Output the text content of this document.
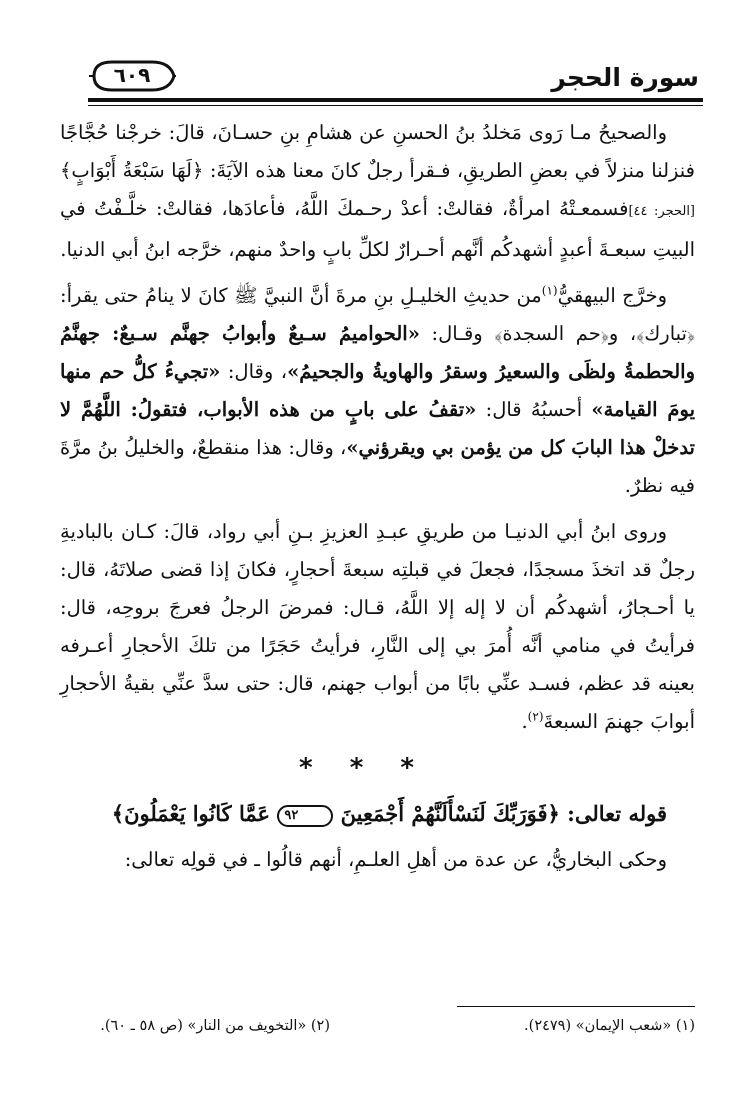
سورة الحجر
٦٠٩

والصحيحُ مـا رَوى مَخلدُ بنُ الحسنِ عن هشامِ بنِ حسـانَ، قالَ: خرجْنا حُجَّاجًا فنزلنا منزلاً في بعضِ الطريقِ، فـقرأ رجلٌ كانَ معنا هذه الآيَةَ: ﴿لَهَا سَبْعَةُ أَبْوَابٍ﴾ [الحجر: ٤٤]فسمعـتْهُ امرأةٌ، فقالتْ: أعدْ رحـمكَ اللَّهُ، فأعادَها، فقالتْ: خلَّـفْتُ في البيتِ سبعـةَ أعبدٍ أشهدكُم أنَّهم أحـرارٌ لكلِّ بابٍ واحدٌ منهم، خرَّجه ابنُ أبي الدنيا.

وخرَّج البيهقيُّ$^{(١)}$من حديثِ الخليـلِ بنِ مرةَ أنَّ النبيَّ ﷺ كانَ لا ينامُ حتى يقرأ: ﴿تبارك﴾، و﴿حم السجدة﴾ وقـال: «الحواميمُ سـبعٌ وأبوابُ جهنَّم سـبعٌ: جهنَّمُ والحطمةُ ولظَى والسعيرُ وسقرُ والهاويةُ والجحيمُ»، وقال: «تجيءُ كلُّ حم منها يومَ القيامة» أحسبُهُ قال: «تقفُ على بابٍ من هذه الأبواب، فتقولُ: اللَّهُمَّ لا تدخلْ هذا البابَ كل من يؤمن بي ويقرؤني»، وقال: هذا منقطعٌ، والخليلُ بنُ مرَّةَ فيه نظرٌ.

وروى ابنُ أبي الدنيـا من طريقِ عبـدِ العزيزِ بـنِ أبي رواد، قالَ: كـان بالباديةِ رجلٌ قد اتخذَ مسجدًا، فجعلَ في قبلتِه سبعةَ أحجارٍ، فكانَ إذا قضى صلاتَهُ، قال: يا أحـجارُ، أشهدكُم أن لا إله إلا اللَّهُ، قـال: فمرضَ الرجلُ فعرجَ بروحِه، قال: فرأيتُ في منامي أنَّه أُمرَ بي إلى النَّارِ، فرأيتُ حَجَرًا من تلكَ الأحجارِ أعـرفه بعينه قد عظم، فسـد عنِّي بابًا من أبواب جهنم، قال: حتى سدَّ عنِّي بقيةُ الأحجارِ أبوابَ جهنمَ السبعةَ$^{(٢)}$.

* * *

قوله تعالى: ﴿فَوَرَبِّكَ لَنَسْأَلَنَّهُمْ أَجْمَعِينَ ٩٢ عَمَّا كَانُوا يَعْمَلُونَ﴾

وحكى البخاريُّ، عن عدة من أهلِ العلـمِ، أنهم قالُوا ـ في قولِه تعالى:

(١) «شعب الإيمان» (٢٤٧٩).
(٢) «التخويف من النار» (ص ٥٨ ـ ٦٠).
